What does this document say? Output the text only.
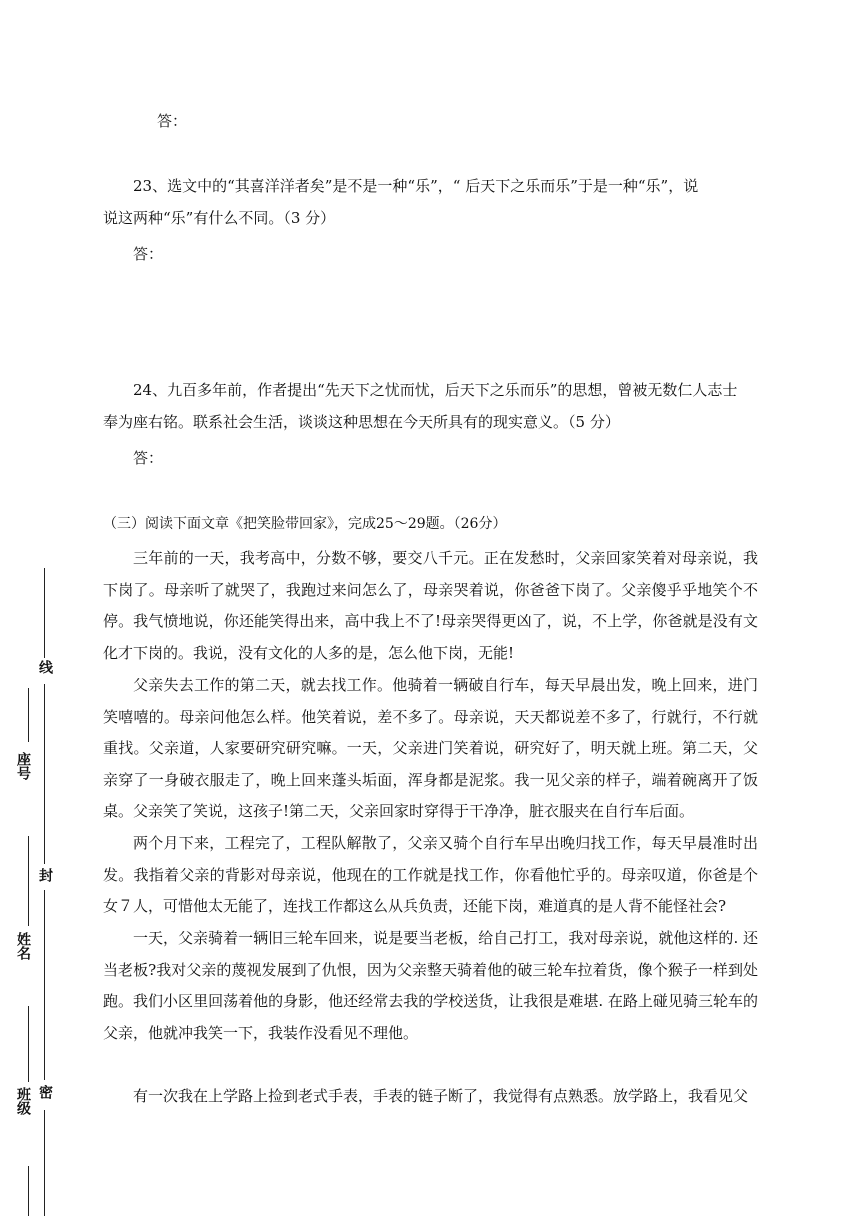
答：
23、选文中的“其喜洋洋者矣”是不是一种“乐”，“ 后天下之乐而乐”于是一种“乐”，说
说这两种“乐”有什么不同。（3 分）
答：
24、九百多年前，作者提出“先天下之忧而忧，后天下之乐而乐”的思想，曾被无数仁人志士
奉为座右铭。联系社会生活，谈谈这种思想在今天所具有的现实意义。（5 分）
答：
（三）阅读下面文章《把笑脸带回家》，完成25～29题。（26分）

三年前的一天，我考高中，分数不够，要交八千元。正在发愁时，父亲回家笑着对母亲说，我下岗了。母亲听了就哭了，我跑过来问怎么了，母亲哭着说，你爸爸下岗了。父亲傻乎乎地笑个不停。我气愤地说，你还能笑得出来，高中我上不了!母亲哭得更凶了，说，不上学，你爸就是没有文化才下岗的。我说，没有文化的人多的是，怎么他下岗，无能!

父亲失去工作的第二天，就去找工作。他骑着一辆破自行车，每天早晨出发，晚上回来，进门笑嘻嘻的。母亲问他怎么样。他笑着说，差不多了。母亲说，天天都说差不多了，行就行，不行就重找。父亲道，人家要研究研究嘛。一天，父亲进门笑着说，研究好了，明天就上班。第二天，父亲穿了一身破衣服走了，晚上回来蓬头垢面，浑身都是泥浆。我一见父亲的样子，端着碗离开了饭桌。父亲笑了笑说，这孩子!第二天，父亲回家时穿得于干净净，脏衣服夹在自行车后面。

两个月下来，工程完了，工程队解散了，父亲又骑个自行车早出晚归找工作，每天早晨准时出发。我指着父亲的背影对母亲说，他现在的工作就是找工作，你看他忙乎的。母亲叹道，你爸是个女７人，可惜他太无能了，连找工作都这么从兵负责，还能下岗，难道真的是人背不能怪社会?

一天，父亲骑着一辆旧三轮车回来，说是要当老板，给自己打工，我对母亲说，就他这样的. 还当老板?我对父亲的蔑视发展到了仇恨，因为父亲整天骑着他的破三轮车拉着货，像个猴子一样到处跑。我们小区里回荡着他的身影，他还经常去我的学校送货，让我很是难堪. 在路上碰见骑三轮车的父亲，他就冲我笑一下，我装作没看见不理他。

有一次我在上学路上捡到老式手表，手表的链子断了，我觉得有点熟悉。放学路上，我看见父

线
封
密
座号
姓名
班级
